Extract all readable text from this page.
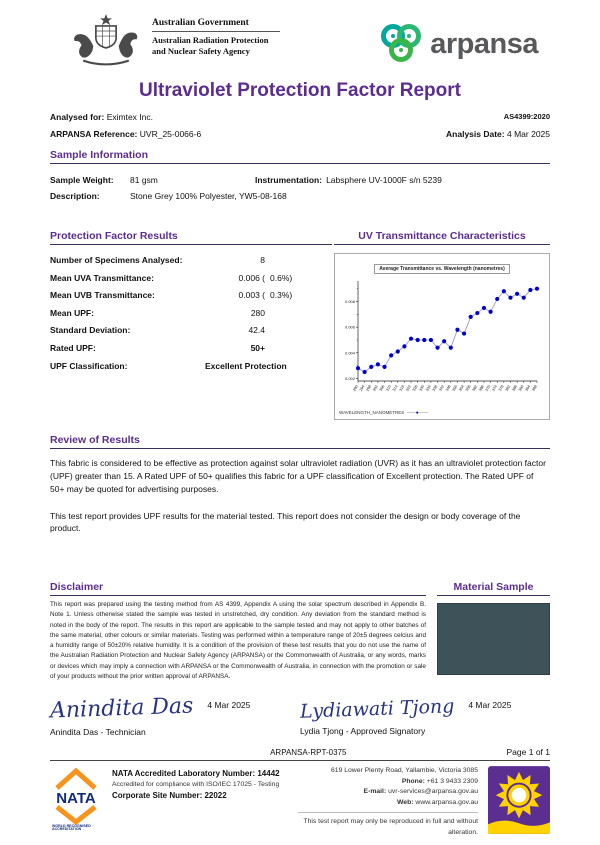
Australian Government
Australian Radiation Protection
and Nuclear Safety Agency	arpansa
Ultraviolet Protection Factor Report
Analysed for: Eximtex Inc.	AS4399:2020
ARPANSA Reference: UVR_25-0066-6	Analysis Date: 4 Mar 2025
Sample Information
Sample Weight:	81 gsm	Instrumentation: Labsphere UV-1000F s/n 5239
Description:	Stone Grey 100% Polyester, YW5-08-168
Protection Factor Results
Number of Specimens Analysed:	8
Mean UVA Transmittance:	0.006 ( 0.6%)
Mean UVB Transmittance:	0.003 ( 0.3%)
Mean UPF:	280
Standard Deviation:	42.4
Rated UPF:	50+
UPF Classification:	Excellent Protection
UV Transmittance Characteristics
Average Transmittance vs. Wavelength (nanometres)
0.002
0.004
0.006
0.008
290 294 298 302 306 310 314 318 322 326 330 334 338 342 346 350 354 358 362 366 370 374 378 382 386 390 394 398
WAVELENGTH_NANOMETRES  ——●——
Review of Results

This fabric is considered to be effective as protection against solar ultraviolet radiation (UVR) as it has an ultraviolet protection factor (UPF) greater than 15. A Rated UPF of 50+ qualifies this fabric for a UPF classification of Excellent protection. The Rated UPF of 50+ may be quoted for advertising purposes.

This test report provides UPF results for the material tested. This report does not consider the design or body coverage of the product.

Disclaimer
This report was prepared using the testing method from AS 4399, Appendix A using the solar spectrum described in Appendix B. Note 1. Unless otherwise stated the sample was tested in unstretched, dry condition. Any deviation from the standard method is noted in the body of the report. The results in this report are applicable to the sample tested and may not apply to other batches of the same material, other colours or similar materials. Testing was performed within a temperature range of 20±5 degrees celcius and a humidity range of 50±20% relative humidity. It is a condition of the provision of these test results that you do not use the name of the Australian Radiation Protection and Nuclear Safety Agency (ARPANSA) or the Commonwealth of Australia, or any words, marks or devices which may imply a connection with ARPANSA or the Commonwealth of Australia, in connection with the promotion or sale of your products without the prior written approval of ARPANSA.
Material Sample
Anindita Das 4 Mar 2025
Anindita Das - Technician
Lydiawati Tjong 4 Mar 2025
Lydia Tjong - Approved Signatory
ARPANSA-RPT-0375	Page 1 of 1
NATA
WORLD RECOGNISED
ACCREDITATION
NATA Accredited Laboratory Number: 14442
Accredited for compliance with ISO/IEC 17025 - Testing
Corporate Site Number: 22022
619 Lower Plenty Road, Yallambie, Victoria 3085
Phone: +61 3 9433 2309
E-mail: uvr-services@arpansa.gov.au
Web: www.arpansa.gov.au
This test report may only be reproduced in full and without alteration.
